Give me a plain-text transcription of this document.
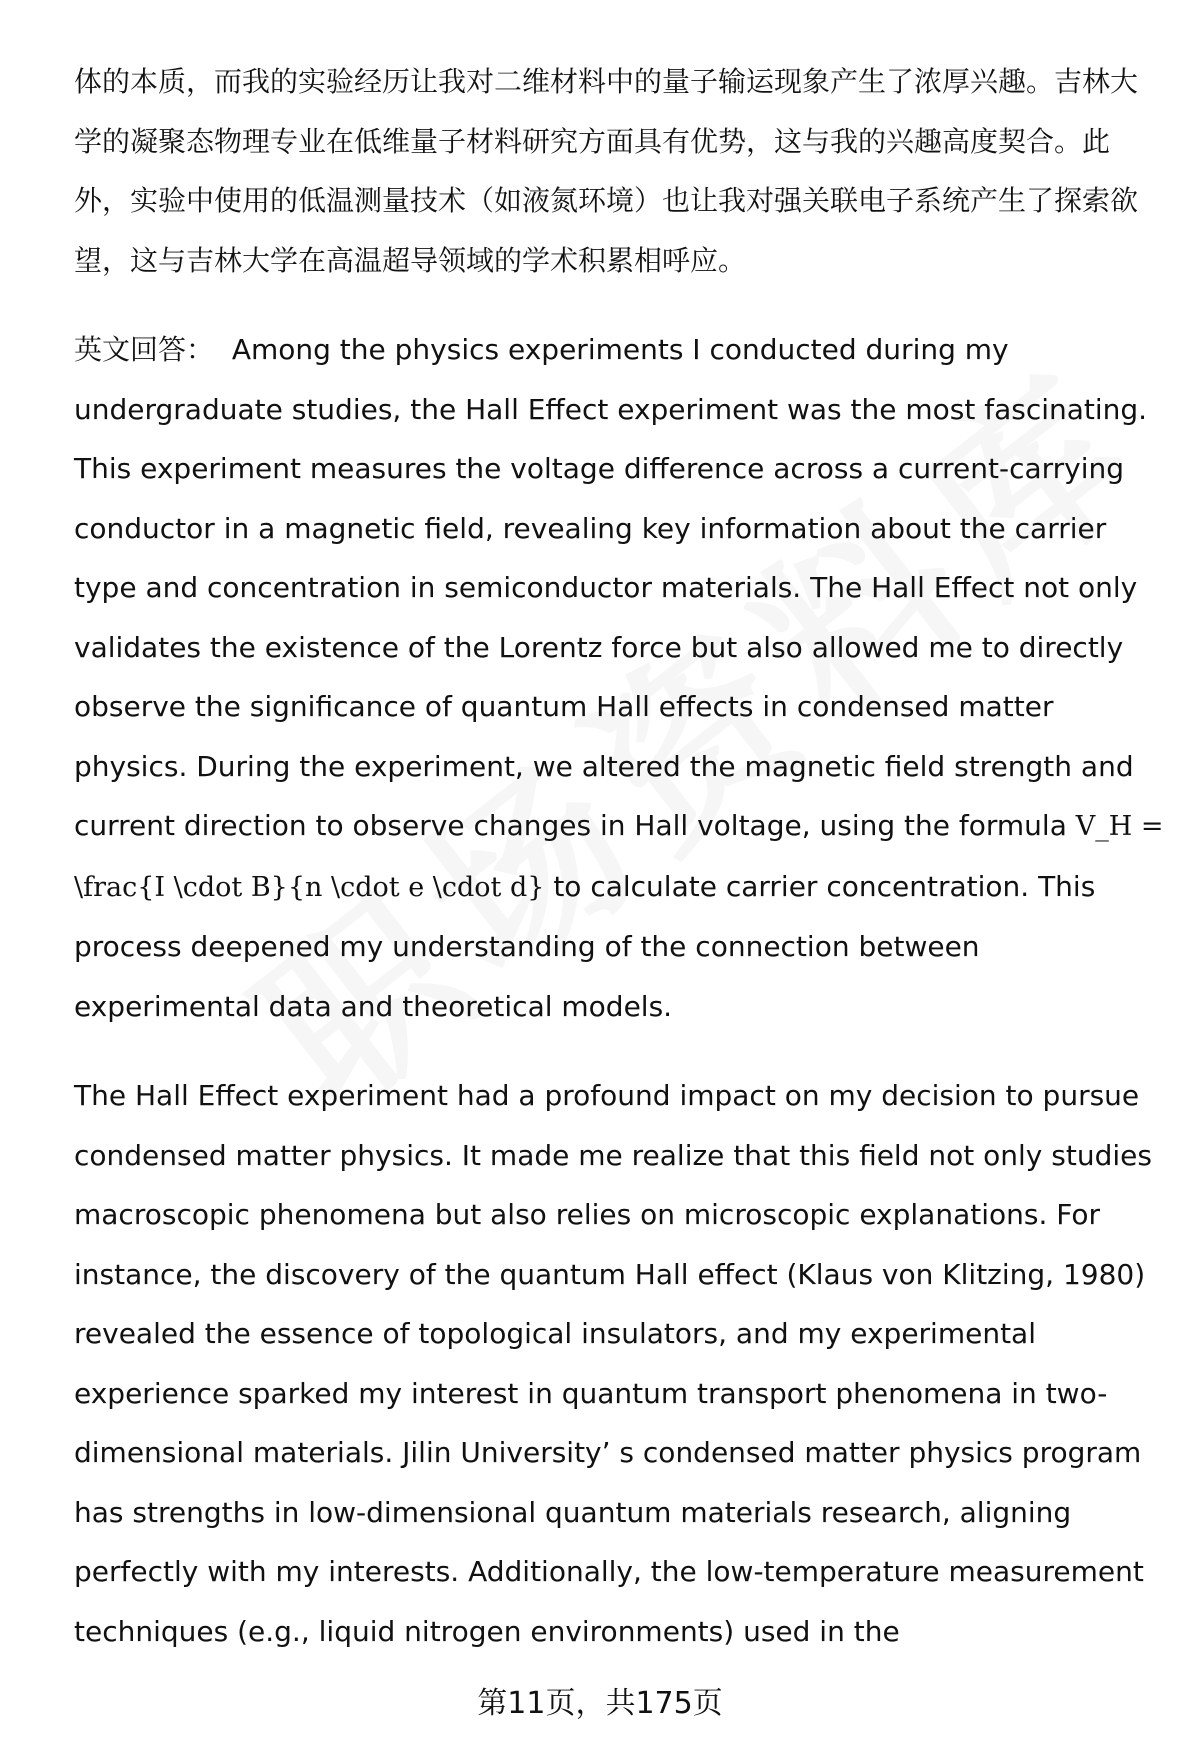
体的本质，而我的实验经历让我对二维材料中的量子输运现象产生了浓厚兴趣。吉林大学的凝聚态物理专业在低维量子材料研究方面具有优势，这与我的兴趣高度契合。此外，实验中使用的低温测量技术（如液氮环境）也让我对强关联电子系统产生了探索欲望，这与吉林大学在高温超导领域的学术积累相呼应。

英文回答： Among the physics experiments I conducted during my undergraduate studies, the Hall Effect experiment was the most fascinating. This experiment measures the voltage difference across a current-carrying conductor in a magnetic field, revealing key information about the carrier type and concentration in semiconductor materials. The Hall Effect not only validates the existence of the Lorentz force but also allowed me to directly observe the significance of quantum Hall effects in condensed matter physics. During the experiment, we altered the magnetic field strength and current direction to observe changes in Hall voltage, using the formula V_H = \frac{I \cdot B}{n \cdot e \cdot d} to calculate carrier concentration. This process deepened my understanding of the connection between experimental data and theoretical models.

The Hall Effect experiment had a profound impact on my decision to pursue condensed matter physics. It made me realize that this field not only studies macroscopic phenomena but also relies on microscopic explanations. For instance, the discovery of the quantum Hall effect (Klaus von Klitzing, 1980) revealed the essence of topological insulators, and my experimental experience sparked my interest in quantum transport phenomena in two-dimensional materials. Jilin University’ s condensed matter physics program has strengths in low-dimensional quantum materials research, aligning perfectly with my interests. Additionally, the low-temperature measurement techniques (e.g., liquid nitrogen environments) used in the

第11页，共175页
